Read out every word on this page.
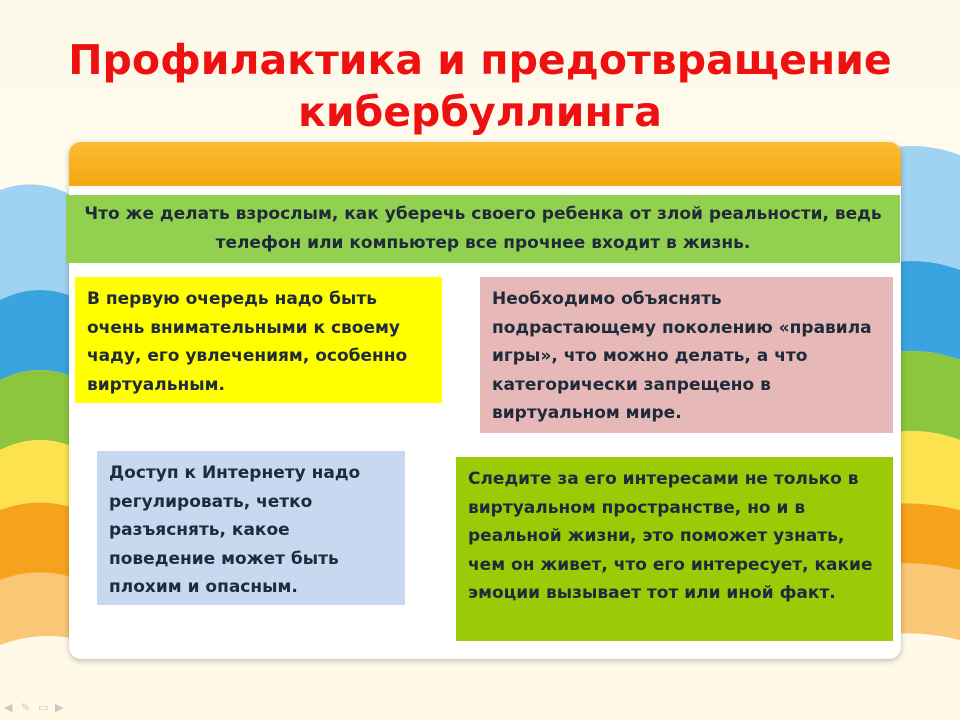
Профилактика и предотвращение кибербуллинга
Что же делать взрослым, как уберечь своего ребенка от злой реальности, ведь телефон или компьютер все прочнее входит в жизнь.
В первую очередь надо быть очень внимательными к своему чаду, его увлечениям, особенно виртуальным.
Необходимо объяснять подрастающему поколению «правила игры», что можно делать, а что категорически запрещено в виртуальном мире.
Доступ к Интернету надо регулировать, четко разъяснять, какое поведение может быть плохим и опасным.
Следите за его интересами не только в виртуальном пространстве, но и в реальной жизни, это поможет узнать, чем он живет, что его интересует, какие эмоции вызывает тот или иной факт.
◀ ✎ ▭ ▶
